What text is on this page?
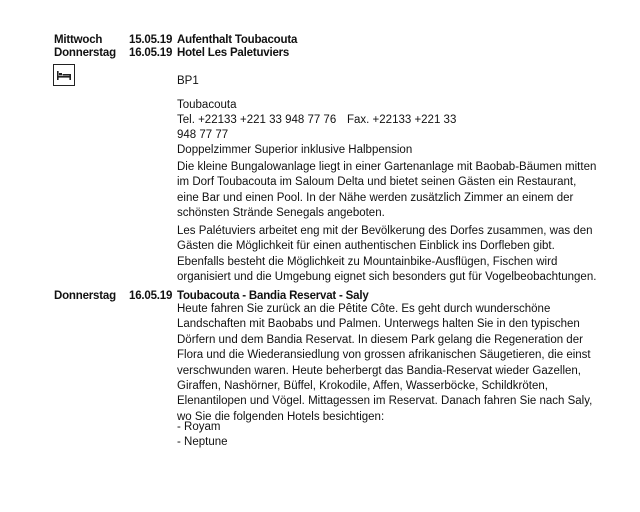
Mittwoch 15.05.19 Aufenthalt Toubacouta
Donnerstag 16.05.19 Hotel Les Paletuviers
BP1
Toubacouta
Tel. +22133 +221 33 948 77 76 Fax. +22133 +221 33
948 77 77
Doppelzimmer Superior inklusive Halbpension
Die kleine Bungalowanlage liegt in einer Gartenanlage mit Baobab-Bäumen mitten
im Dorf Toubacouta im Saloum Delta und bietet seinen Gästen ein Restaurant,
eine Bar und einen Pool. In der Nähe werden zusätzlich Zimmer an einem der
schönsten Strände Senegals angeboten.
Les Palétuviers arbeitet eng mit der Bevölkerung des Dorfes zusammen, was den
Gästen die Möglichkeit für einen authentischen Einblick ins Dorfleben gibt.
Ebenfalls besteht die Möglichkeit zu Mountainbike-Ausflügen, Fischen wird
organisiert und die Umgebung eignet sich besonders gut für Vogelbeobachtungen.
Donnerstag 16.05.19 Toubacouta - Bandia Reservat - Saly
Heute fahren Sie zurück an die Pêtite Côte. Es geht durch wunderschöne
Landschaften mit Baobabs und Palmen. Unterwegs halten Sie in den typischen
Dörfern und dem Bandia Reservat. In diesem Park gelang die Regeneration der
Flora und die Wiederansiedlung von grossen afrikanischen Säugetieren, die einst
verschwunden waren. Heute beherbergt das Bandia-Reservat wieder Gazellen,
Giraffen, Nashörner, Büffel, Krokodile, Affen, Wasserböcke, Schildkröten,
Elenantilopen und Vögel. Mittagessen im Reservat. Danach fahren Sie nach Saly,
wo Sie die folgenden Hotels besichtigen:
- Royam
- Neptune
